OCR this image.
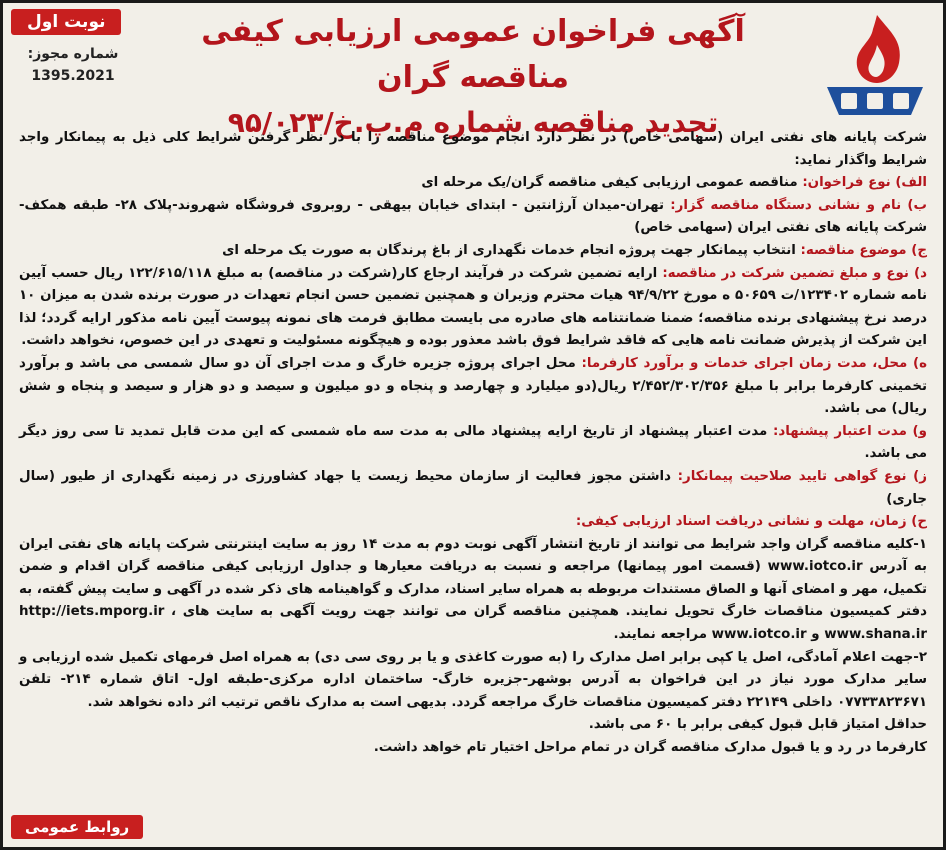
آگهی فراخوان عمومی ارزیابی کیفی مناقصه گران
تجدید مناقصه شماره م.پ.خ/۹۵/۰۲۳
نوبت اول
شماره مجوز:
1395.2021

شرکت پایانه های نفتی ایران (سهامی خاص) در نظر دارد انجام موضوع مناقصه را با در نظر گرفتن شرایط کلی ذیل به پیمانکار واجد شرایط واگذار نماید:

الف) نوع فراخوان: مناقصه عمومی ارزیابی کیفی مناقصه گران/یک مرحله ای

ب) نام و نشانی دستگاه مناقصه گزار: تهران-میدان آرژانتین - ابتدای خیابان بیهقی - روبروی فروشگاه شهروند-پلاک ۲۸- طبقه همکف- شرکت پایانه های نفتی ایران (سهامی خاص)

ج) موضوع مناقصه: انتخاب پیمانکار جهت پروژه انجام خدمات نگهداری از باغ پرندگان به صورت یک مرحله ای

د) نوع و مبلغ تضمین شرکت در مناقصه: ارایه تضمین شرکت در فرآیند ارجاع کار(شرکت در مناقصه) به مبلغ ۱۲۲/۶۱۵/۱۱۸ ریال حسب آیین نامه شماره ۱۲۳۴۰۲/ت ۵۰۶۵۹ ه مورخ ۹۴/۹/۲۲ هیات محترم وزیران و همچنین تضمین حسن انجام تعهدات در صورت برنده شدن به میزان ۱۰ درصد نرخ پیشنهادی برنده مناقصه؛ ضمنا ضمانتنامه های صادره می بایست مطابق فرمت های نمونه پیوست آیین نامه مذکور ارایه گردد؛ لذا این شرکت از پذیرش ضمانت نامه هایی که فاقد شرایط فوق باشد معذور بوده و هیچگونه مسئولیت و تعهدی در این خصوص، نخواهد داشت.

ه) محل، مدت زمان اجرای خدمات و برآورد کارفرما: محل اجرای پروژه جزیره خارگ و مدت اجرای آن دو سال شمسی می باشد و برآورد تخمینی کارفرما برابر با مبلغ ۲/۴۵۲/۳۰۲/۳۵۶ ریال(دو میلیارد و چهارصد و پنجاه و دو میلیون و سیصد و دو هزار و سیصد و پنجاه و شش ریال) می باشد.

و) مدت اعتبار پیشنهاد: مدت اعتبار پیشنهاد از تاریخ ارایه پیشنهاد مالی به مدت سه ماه شمسی که این مدت قابل تمدید تا سی روز دیگر می باشد.

ز) نوع گواهی تایید صلاحیت پیمانکار: داشتن مجوز فعالیت از سازمان محیط زیست یا جهاد کشاورزی در زمینه نگهداری از طیور (سال جاری)

ح) زمان، مهلت و نشانی دریافت اسناد ارزیابی کیفی:

۱-کلیه مناقصه گران واجد شرایط می توانند از تاریخ انتشار آگهی نوبت دوم به مدت ۱۴ روز به سایت اینترنتی شرکت پایانه های نفتی ایران به آدرس www.iotco.ir (قسمت امور پیمانها) مراجعه و نسبت به دریافت معیارها و جداول ارزیابی کیفی مناقصه گران اقدام و ضمن تکمیل، مهر و امضای آنها و الصاق مستندات مربوطه به همراه سایر اسناد، مدارک و گواهینامه های ذکر شده در آگهی و سایت پیش گفته، به دفتر کمیسیون مناقصات خارگ تحویل نمایند. همچنین مناقصه گران می توانند جهت رویت آگهی به سایت های http://iets.mporg.ir ، www.shana.ir و www.iotco.ir مراجعه نمایند.

۲-جهت اعلام آمادگی، اصل یا کپی برابر اصل مدارک را (به صورت کاغذی و یا بر روی سی دی) به همراه اصل فرمهای تکمیل شده ارزیابی و سایر مدارک مورد نیاز در این فراخوان به آدرس بوشهر-جزیره خارگ- ساختمان اداره مرکزی-طبقه اول- اتاق شماره ۲۱۴- تلفن ۰۷۷۳۳۸۲۳۶۷۱ داخلی ۲۲۱۴۹ دفتر کمیسیون مناقصات خارگ مراجعه گردد. بدیهی است به مدارک ناقص ترتیب اثر داده نخواهد شد.

حداقل امتیاز قابل قبول کیفی برابر با ۶۰ می باشد.

کارفرما در رد و یا قبول مدارک مناقصه گران در تمام مراحل اختیار تام خواهد داشت.

روابط عمومی
